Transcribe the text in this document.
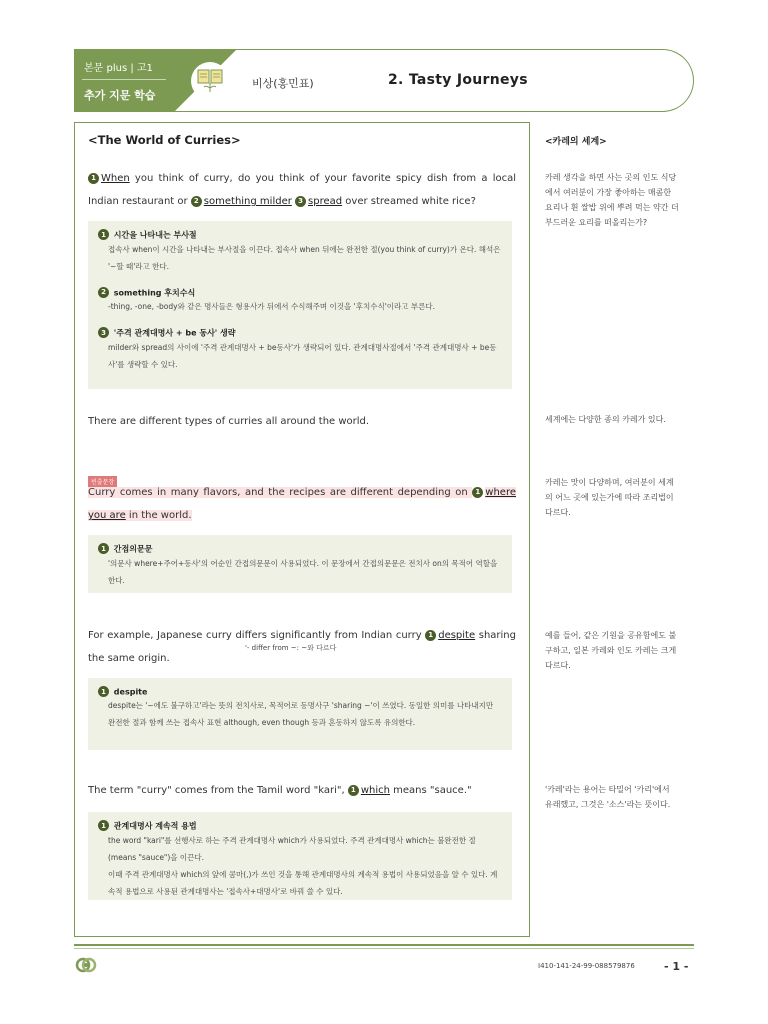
본문 plus | 고1
추가 지문 학습
비상(홍민표)	2. Tasty Journeys
<The World of Curries>	<카레의 세계>
1 When you think of curry, do you think of your favorite spicy dish from a local Indian restaurant or 2 something milder 3 spread over streamed white rice?
1 시간을 나타내는 부사절
접속사 when이 시간을 나타내는 부사절을 이끈다. 접속사 when 뒤에는 완전한 절(you think of curry)가 온다. 해석은 '~할 때'라고 한다.
2 something 후치수식
-thing, -one, -body와 같은 명사들은 형용사가 뒤에서 수식해주며 이것을 '후치수식'이라고 부른다.
3 '주격 관계대명사 + be 동사' 생략
milder와 spread의 사이에 '주격 관계대명사 + be동사'가 생략되어 있다. 관계대명사절에서 '주격 관계대명사 + be동사'를 생략할 수 있다.
There are different types of curries all around the world.
빈출문장
Curry comes in many flavors, and the recipes are different depending on 1 where you are in the world.
1 간접의문문
'의문사 where+주어+동사'의 어순인 간접의문문이 사용되었다. 이 문장에서 간접의문문은 전치사 on의 목적어 역할을 한다.
For example, Japanese curry differs significantly from Indian curry 1 despite sharing the same origin.
'- differ from ~: ~와 다르다
1 despite
despite는 '~에도 불구하고'라는 뜻의 전치사로, 목적어로 동명사구 'sharing ~'이 쓰였다. 동일한 의미를 나타내지만 완전한 절과 함께 쓰는 접속사 표현 although, even though 등과 혼동하지 않도록 유의한다.
The term "curry" comes from the Tamil word "kari", 1 which means "sauce."
1 관계대명사 계속적 용법
the word "kari"를 선행사로 하는 주격 관계대명사 which가 사용되었다. 주격 관계대명사 which는 불완전한 절(means "sauce")을 이끈다.
이때 주격 관계대명사 which의 앞에 콤마(,)가 쓰인 것을 통해 관계대명사의 계속적 용법이 사용되었음을 알 수 있다. 계속적 용법으로 사용된 관계대명사는 '접속사+대명사'로 바꿔 쓸 수 있다.
카레 생각을 하면 사는 곳의 인도 식당에서 여러분이 가장 좋아하는 매콤한 요리나 흰 쌀밥 위에 뿌려 먹는 약간 더 부드러운 요리를 떠올리는가?
세계에는 다양한 종의 카레가 있다.
카레는 맛이 다양하며, 여러분이 세계의 어느 곳에 있는가에 따라 조리법이 다르다.
예를 들어, 같은 기원을 공유함에도 불구하고, 일본 카레와 인도 카레는 크게 다르다.
'카레'라는 용어는 타밀어 '카리'에서 유래했고, 그것은 '소스'라는 뜻이다.
I410-141-24-99-088579876	- 1 -
